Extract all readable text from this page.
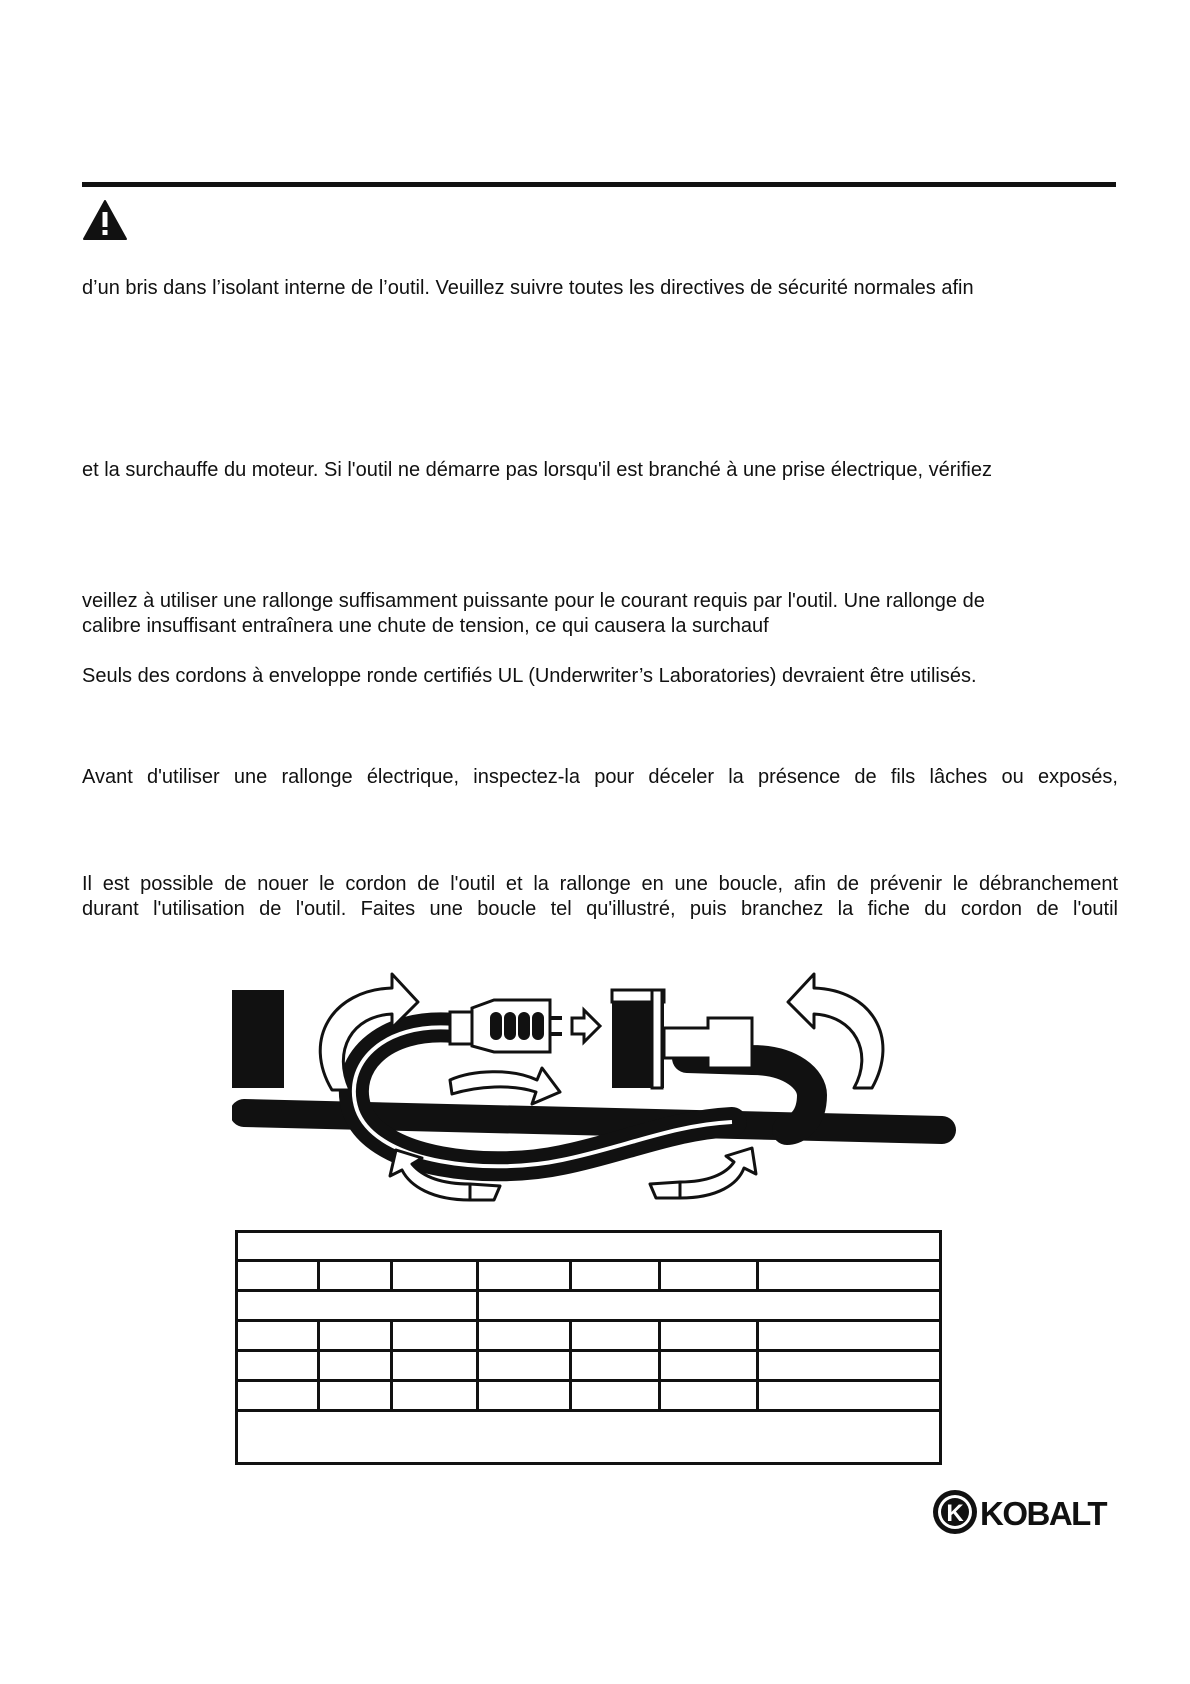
d’un bris dans l’isolant interne de l’outil. Veuillez suivre toutes les directives de sécurité normales afin

et la surchauffe du moteur. Si l'outil ne démarre pas lorsqu'il est branché à une prise électrique, vérifiez

veillez à utiliser une rallonge suffisamment puissante pour le courant requis par l'outil. Une rallonge de
calibre insuffisant entraînera une chute de tension, ce qui causera la surchauf

Seuls des cordons à enveloppe ronde certifiés UL (Underwriter’s Laboratories) devraient être utilisés.

Avant d'utiliser une rallonge électrique, inspectez-la pour déceler la présence de fils lâches ou exposés,

Il est possible de nouer le cordon de l'outil et la rallonge en une boucle, afin de prévenir le débranchement
durant l'utilisation de l'outil. Faites une boucle tel qu'illustré, puis branchez la fiche du cordon de l'outil

K KOBALT
